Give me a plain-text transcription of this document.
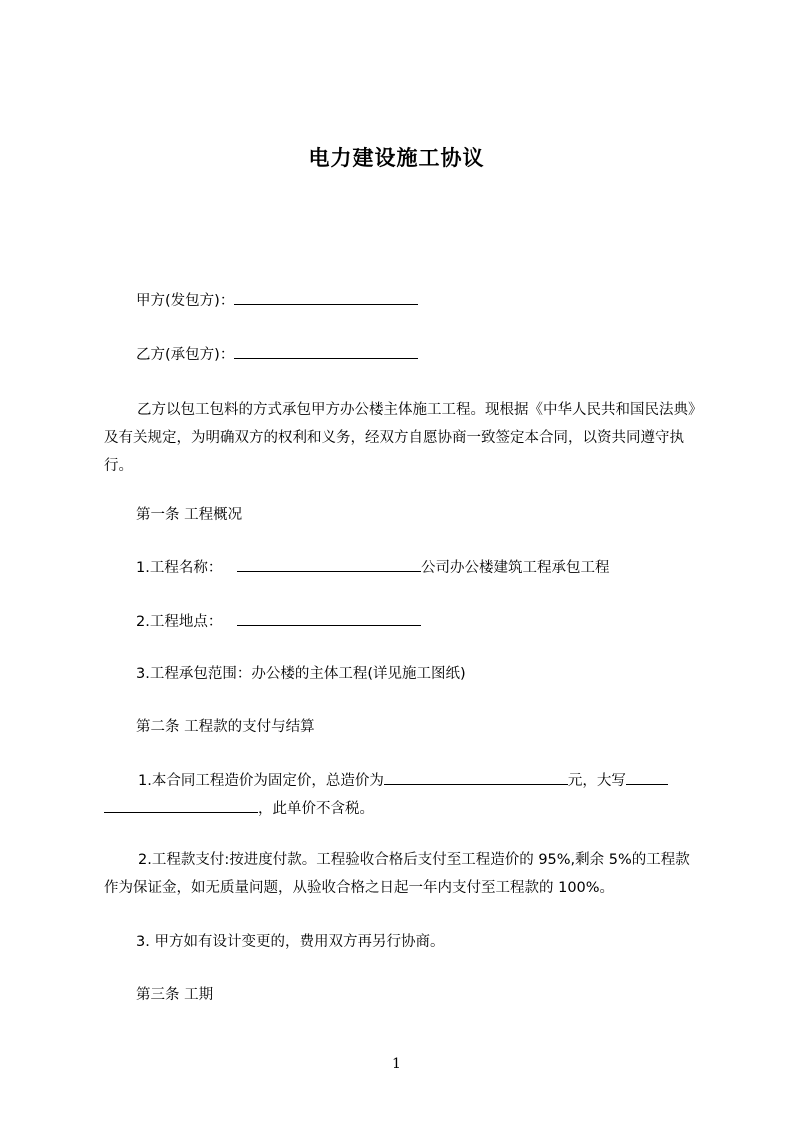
电力建设施工协议
甲方(发包方)：
乙方(承包方)：
乙方以包工包料的方式承包甲方办公楼主体施工工程。现根据《中华人民共和国民法典》及有关规定，为明确双方的权利和义务，经双方自愿协商一致签定本合同，以资共同遵守执行。
第一条 工程概况
1.工程名称：	公司办公楼建筑工程承包工程
2.工程地点：
3.工程承包范围：办公楼的主体工程(详见施工图纸)
第二条 工程款的支付与结算
1.本合同工程造价为固定价，总造价为	元，大写
，此单价不含税。
2.工程款支付:按进度付款。工程验收合格后支付至工程造价的 95%,剩余 5%的工程款作为保证金，如无质量问题，从验收合格之日起一年内支付至工程款的 100%。
3. 甲方如有设计变更的，费用双方再另行协商。
第三条 工期
1
